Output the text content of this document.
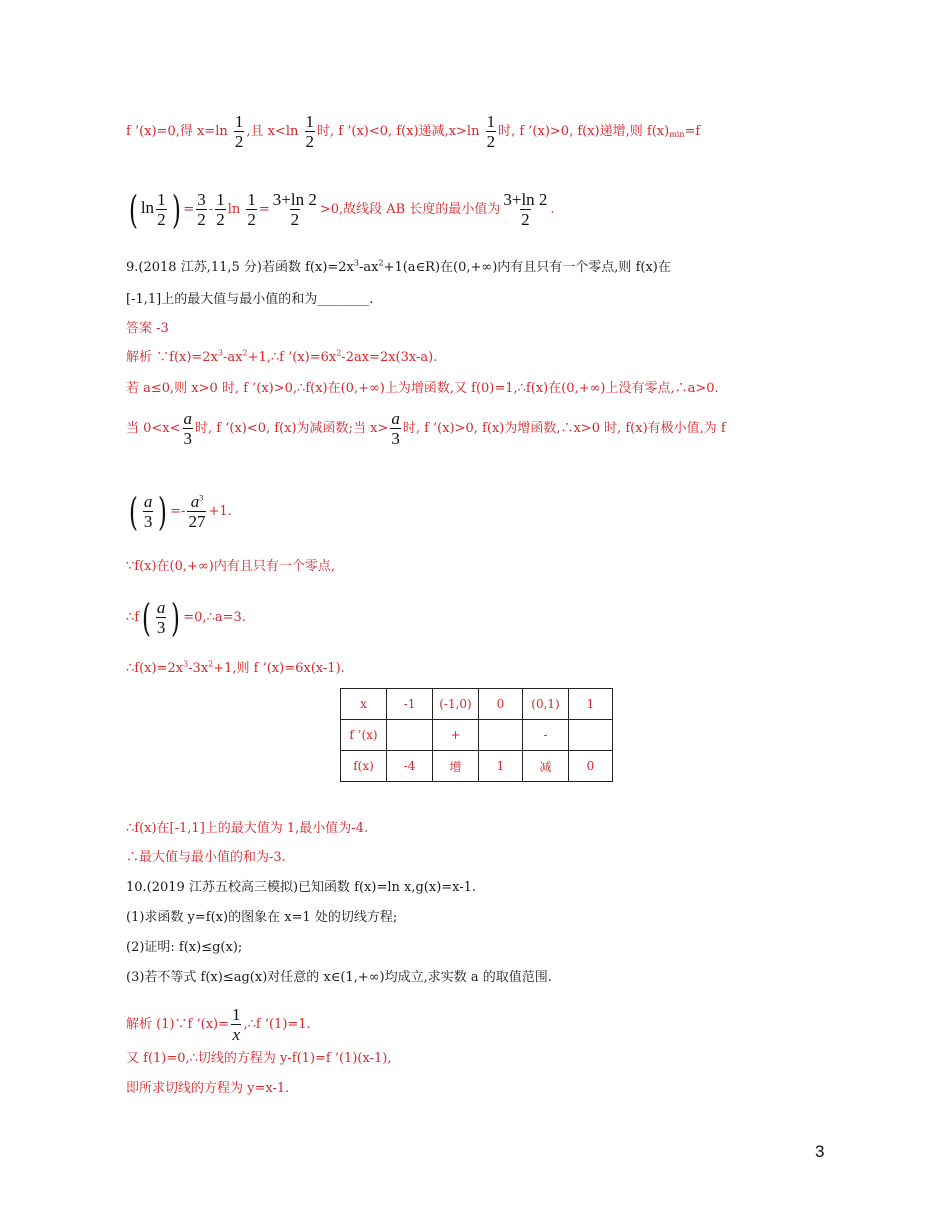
f ’(x)=0,得 $x=\ln \frac{1}{2}$ ,且 $x<\ln \frac{1}{2}$ 时, f ’(x)<0, f(x)递减$,x>\ln \frac{1}{2}$ 时, f ’(x)>0, f(x)递增,则 $f(x)_{min}=f$
( $\ln \frac{1}{2}$ ) = $\frac{3}{2} - \frac{1}{2}$ $\ln \frac{1}{2} = \frac{3+\ln 2}{2} >0$,故线段 AB 长度的最小值为 $\frac{3+\ln 2}{2}$ .
9.(2018 江苏,11,5 分)若函数 $f(x)=2x^3-ax^2+1(a\in R)$在(0,+∞)内有且只有一个零点,则 f(x)在
[-1,1]上的最大值与最小值的和为________.
答案 -3
解析 $\because f(x)=2x^3-ax^2+1,\therefore f$ $’(x)=6x^2-2ax=2x(3x-a)$.
若 a≤0,则 x>0 时, f ’(x)>0,∴f(x)在(0,+∞)上为增函数,又 f(0)=1,∴f(x)在(0,+∞)上没有零点,∴a>0.
当 $0<x< \frac{a}{3}$ 时, f ’(x)<0, f(x)为减函数;当 $x> \frac{a}{3}$ 时, f ’(x)>0, f(x)为增函数,∴x>0 时, f(x)有极小值,为 f
( $\frac{a}{3}$ ) =- $\frac{a^3}{27} +1$.
∵f(x)在(0,+∞)内有且只有一个零点,
∴f( $\frac{a}{3}$ ) =0,∴a=3.
$\therefore f(x)=2x^3-3x^2+1$,则 f ’(x)=6x(x-1).
x	-1	(-1,0)	0	(0,1)	1
f ’(x)		+		-	
f(x)	-4	增	1	减	0
∴f(x)在[-1,1]上的最大值为 1,最小值为-4.
∴最大值与最小值的和为-3.
10.(2019 江苏五校高三模拟)已知函数 f(x)=ln x,g(x)=x-1.
(1)求函数 y=f(x)的图象在 x=1 处的切线方程;
(2)证明: f(x)≤g(x);
(3)若不等式 f(x)≤ag(x)对任意的 x∈(1,+∞)均成立,求实数 a 的取值范围.
解析 (1)∵f ’(x)= $\frac{1}{x}$ ,∴f ’(1)=1.
又 f(1)=0,∴切线的方程为 y-f(1)=f ’(1)(x-1),
即所求切线的方程为 y=x-1.
3
